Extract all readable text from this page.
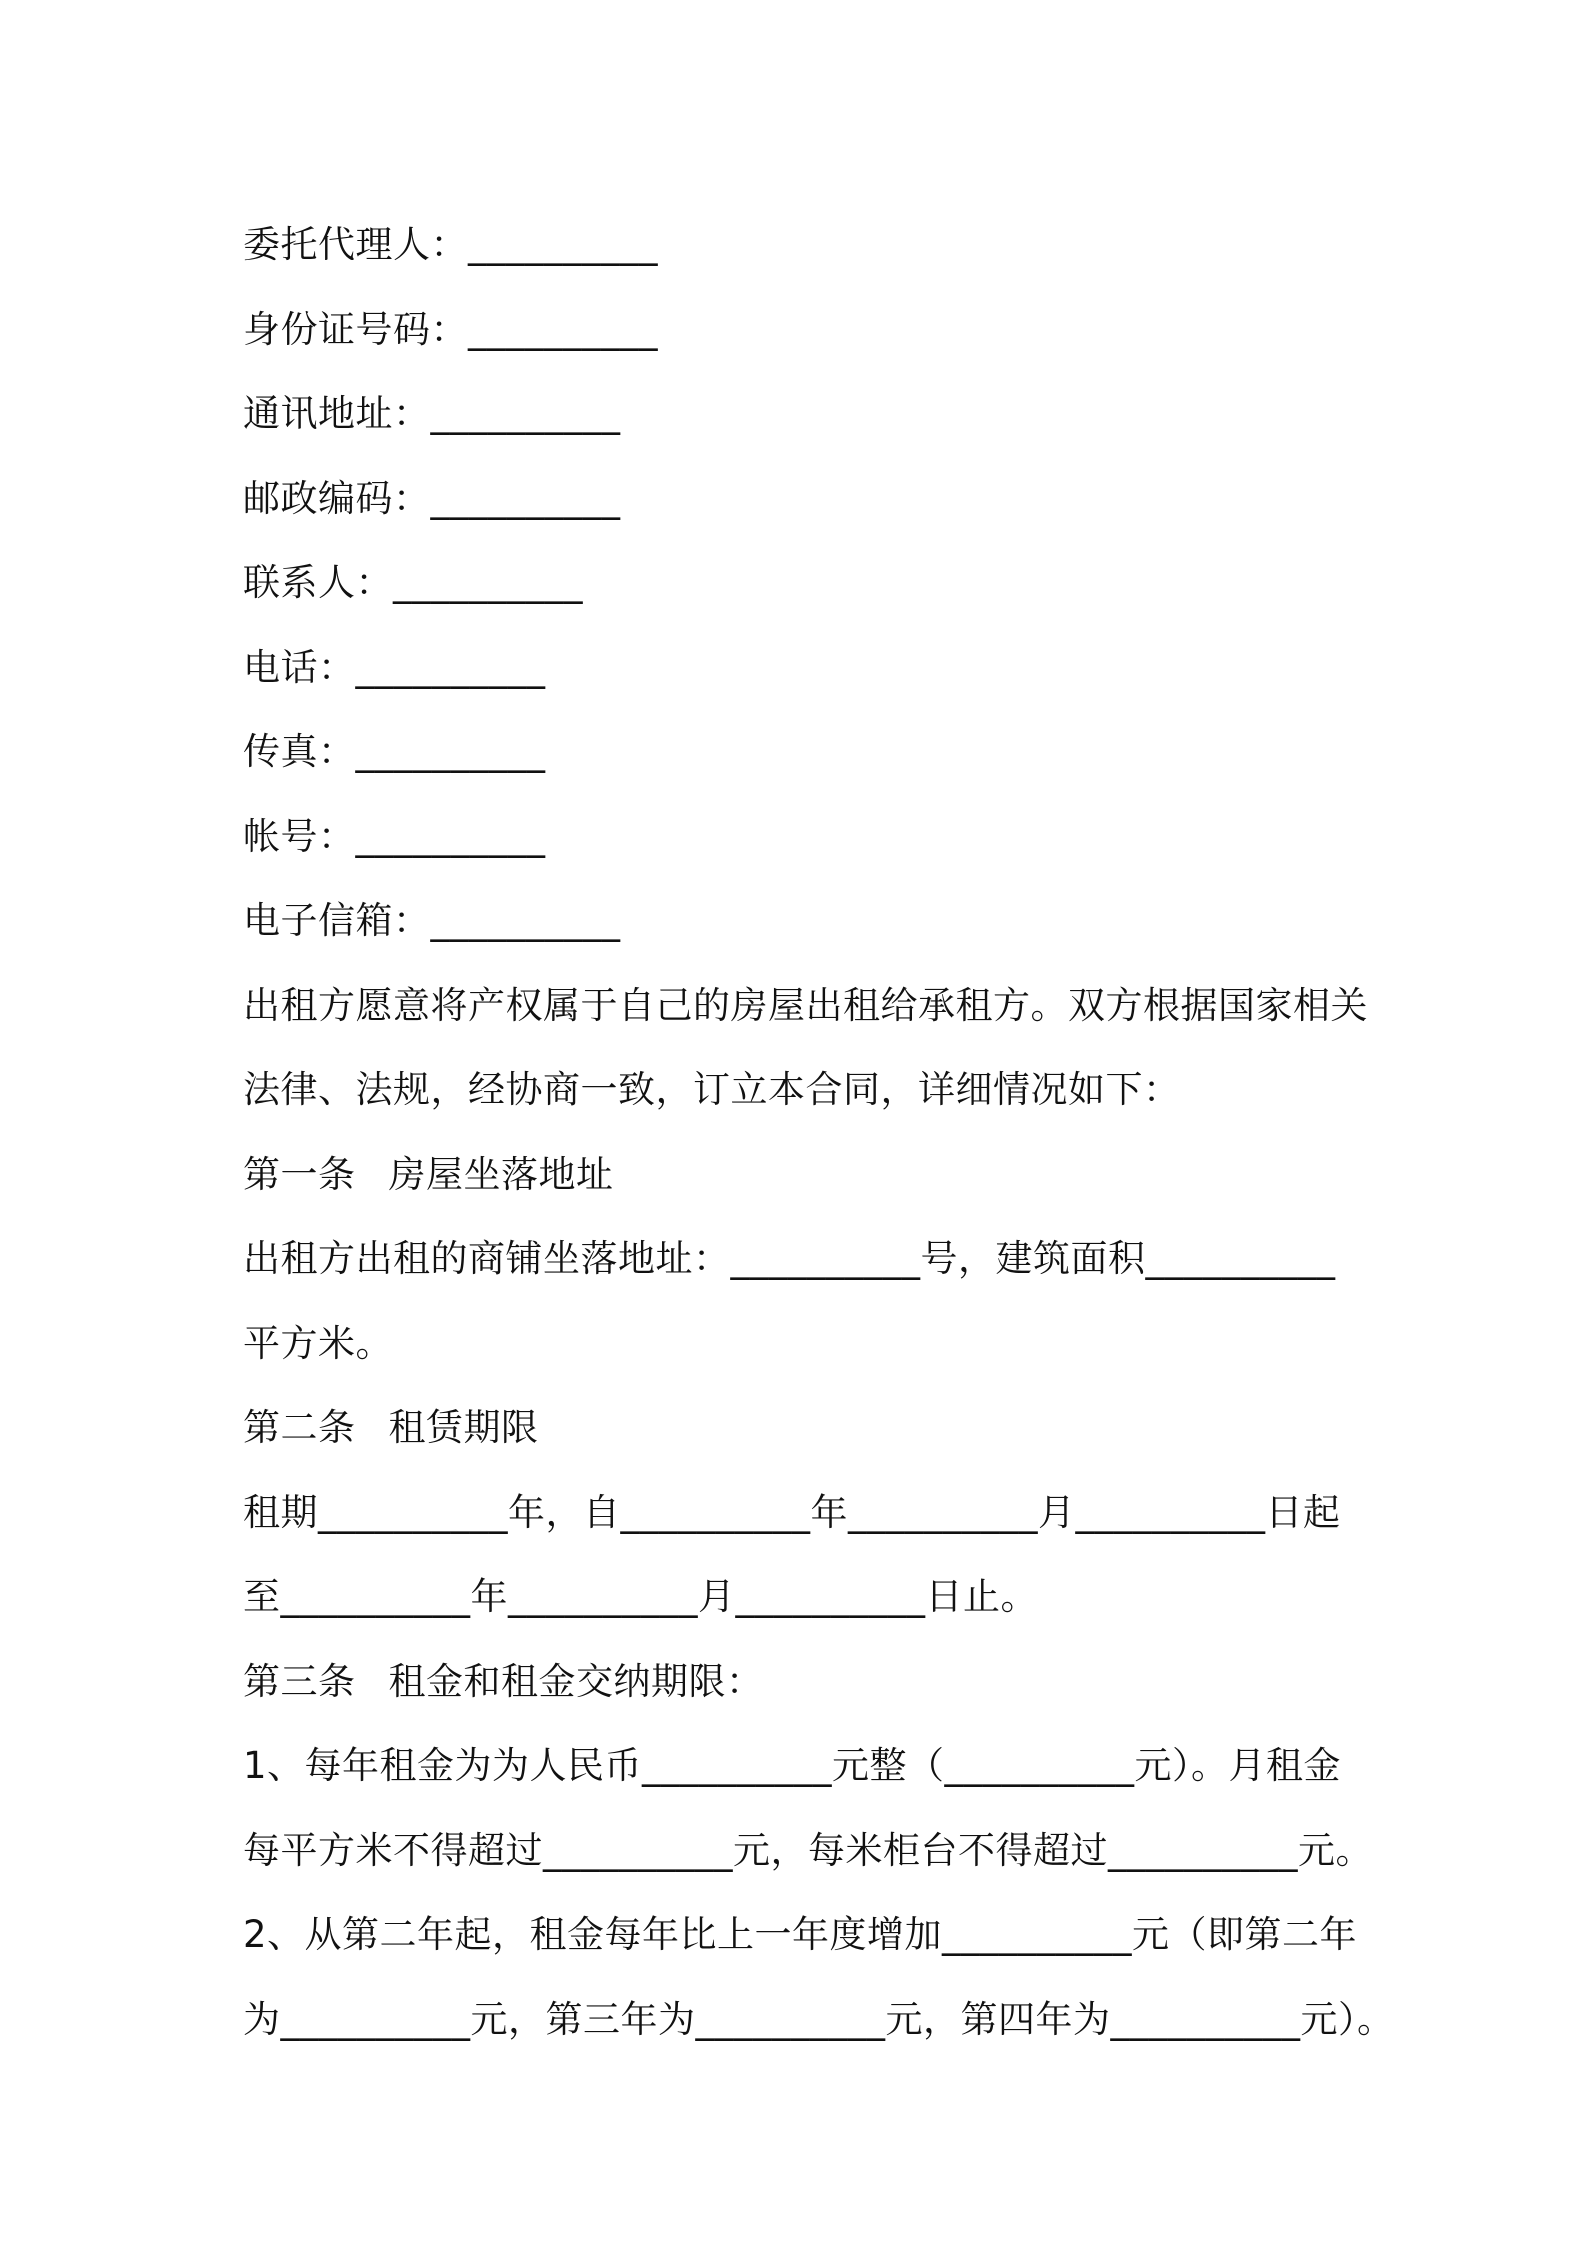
委托代理人：__________
身份证号码：__________
通讯地址：__________
邮政编码：__________
联系人：__________
电话：__________
传真：__________
帐号：__________
电子信箱：__________
出租方愿意将产权属于自己的房屋出租给承租方。双方根据国家相关
法律、法规，经协商一致，订立本合同，详细情况如下：
第一条 房屋坐落地址
出租方出租的商铺坐落地址：__________号，建筑面积__________
平方米。
第二条 租赁期限
租期__________年，自__________年__________月__________日起
至__________年__________月__________日止。
第三条 租金和租金交纳期限：
1、每年租金为为人民币__________元整（__________元）。月租金
每平方米不得超过__________元，每米柜台不得超过__________元。
2、从第二年起，租金每年比上一年度增加__________元（即第二年
为__________元，第三年为__________元，第四年为__________元）。
